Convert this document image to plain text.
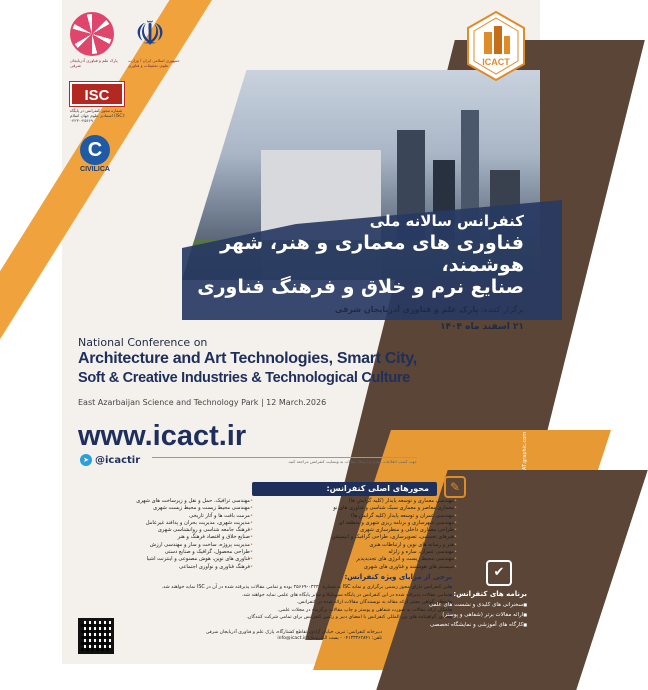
پارک علم و فناوری آذربایجان شرقی
☫
جمهوری اسلامی ایران / وزارت علوم، تحقیقات و فناوری
ISC
شماره مجوز کنفرانس در پایگاه استنادی علوم جهان اسلام (ISC): ۰۴۲۳۰-۲۵۶۶۹
C
CIVILICA
ICACT
کنفرانس سالانه ملی
فناوری های معماری و هنر، شهر هوشمند،
صنایع نرم و خلاق و فرهنگ فناوری
برگزار کننده: پارک علم و فناوری آذربایجان شرقی
۲۱ اسفند ماه ۱۴۰۴
National Conference on
Architecture and Art Technologies, Smart City,
Soft & Creative Industries & Technological Culture
East Azarbaijan Science and Technology Park | 12 March.2026
www.icact.ir
➤ @icactir	جهت کسب اطلاعات بیشتر و ارسال مقالات به وبسایت کنفرانس مراجعه کنید.
محورهای اصلی کنفرانس:	✎
• مهندسی معماری و توسعه پایدار (کلیه گرایش ها)
• معماری معاصر و معماری سبک شناسی و فناوری های نو
• مهندسی عمران و توسعه پایدار (کلیه گرایش ها)
• مهندسی شهرسازی و برنامه ریزی شهری و منطقه ای
• طراحی معماری داخلی و منظرسازی شهری
• هنرهای تجسمی، تصویرسازی، طراحی گرافیک و انیمیشن
• هنر و رسانه های نوین و ارتباطات هنری
• مهندسی عمران، سازه و زلزله
• مهندسی محیط زیست و انرژی های تجدیدپذیر
• سیستم های هوشمند و فناوری های شهری
• مهندسی ترافیک، حمل و نقل و زیرساخت های شهری
• مهندسی محیط زیست و محیط زیست شهری
• مرمت بافت ها و آثار تاریخی
• مدیریت شهری، مدیریت بحران و پدافند غیرعامل
• فرهنگ جامعه شناسی و روانشناسی شهری
• صنایع خلاق و اقتصاد فرهنگ و هنر
• مدیریت پروژه، ساخت و ساز و مهندسی ارزش
• طراحی محصول، گرافیک و صنایع دستی
• فناوری های نوین، هوش مصنوعی و اینترنت اشیا
• فرهنگ فناوری و نوآوری اجتماعی
برخی از مزایای ویژه کنفرانس:
■ این کنفرانس دارای مجوز رسمی برگزاری و نمایه ISC به شماره ۰۴۲۳۰-۲۵۶۶۹ بوده و تمامی مقالات پذیرفته شده در آن در ISC نمایه خواهند شد.
■ تمامی مقالات پذیرفته شده در این کنفرانس در پایگاه سیویلیکا و سایر پایگاه های علمی نمایه خواهند شد.
■ اعطای گواهی معتبر ارائه مقاله به نویسندگان مقالات ارائه شده در کنفرانس.
■ امکان ارائه مقالات به صورت شفاهی و پوستر و چاپ مقالات برگزیده در مجلات علمی.
■ صدور گواهینامه های بین المللی کنفرانس با امضای دبیر و رئیس کنفرانس برای تمامی شرکت کنندگان.
✔
برنامه های کنفرانس:
■ سخنرانی های کلیدی و نشست های علمی
■ ارائه مقالات برتر (شفاهی و پوستر)
■ کارگاه های آموزشی و نمایشگاه تخصصی
دبیرخانه کنفرانس: تبریز، خیابان آزادی، تقاطع کشتارگاه، پارک علم و فناوری آذربایجان شرقی
تلفن: ۰۴۱۳۳۳۶۲۸۴۱ - پست الکترونیک: info@icact.ir
AT.graphic.com
